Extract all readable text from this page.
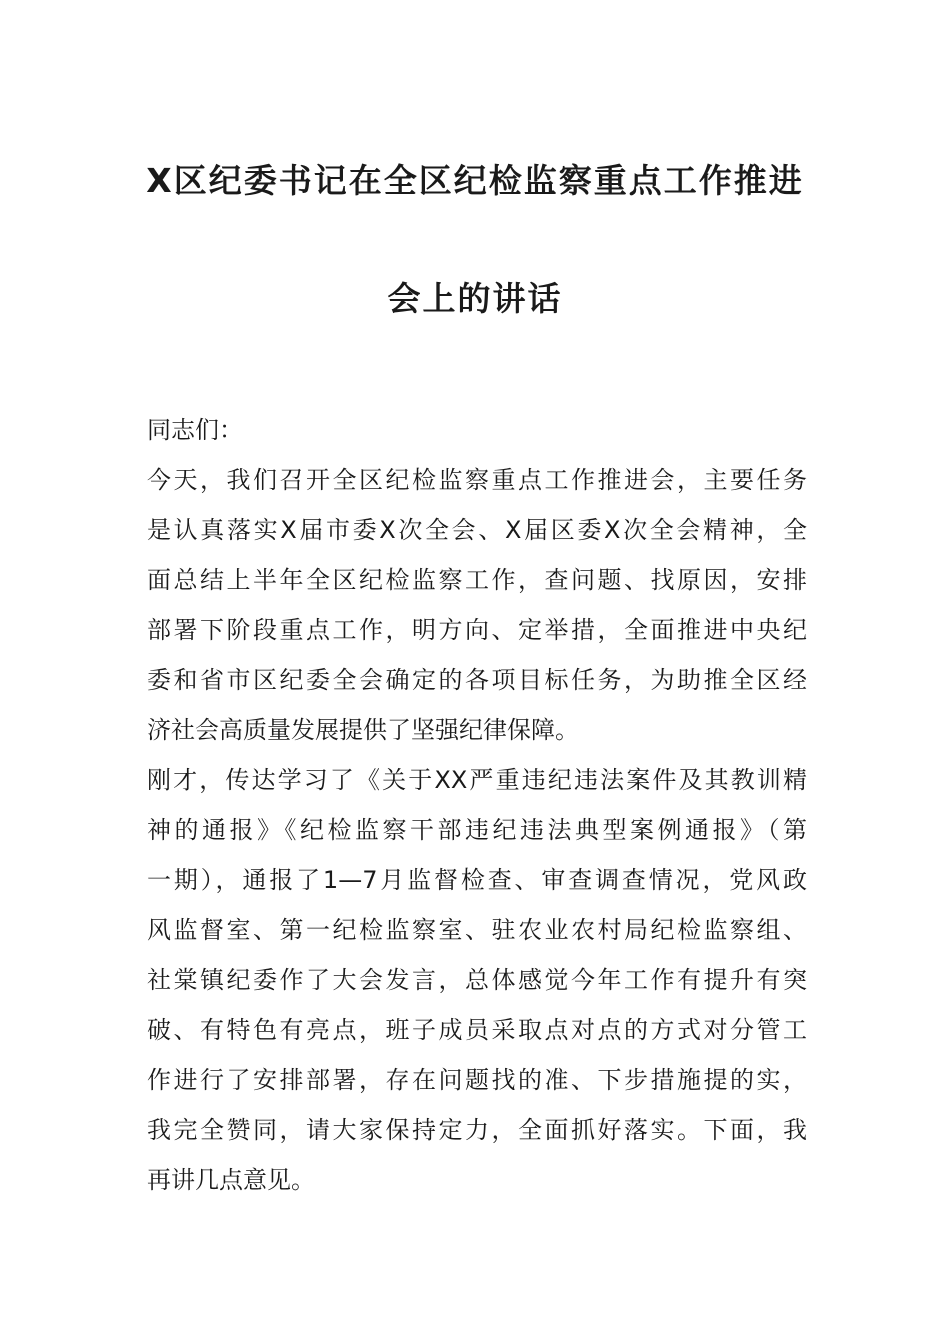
X区纪委书记在全区纪检监察重点工作推进
会上的讲话
同志们：
今天，我们召开全区纪检监察重点工作推进会，主要任务
是认真落实X届市委X次全会、X届区委X次全会精神，全
面总结上半年全区纪检监察工作，查问题、找原因，安排
部署下阶段重点工作，明方向、定举措，全面推进中央纪
委和省市区纪委全会确定的各项目标任务，为助推全区经
济社会高质量发展提供了坚强纪律保障。
刚才，传达学习了《关于XX严重违纪违法案件及其教训精
神的通报》《纪检监察干部违纪违法典型案例通报》（第
一期），通报了1—7月监督检查、审查调查情况，党风政
风监督室、第一纪检监察室、驻农业农村局纪检监察组、
社棠镇纪委作了大会发言，总体感觉今年工作有提升有突
破、有特色有亮点，班子成员采取点对点的方式对分管工
作进行了安排部署，存在问题找的准、下步措施提的实，
我完全赞同，请大家保持定力，全面抓好落实。下面，我
再讲几点意见。
